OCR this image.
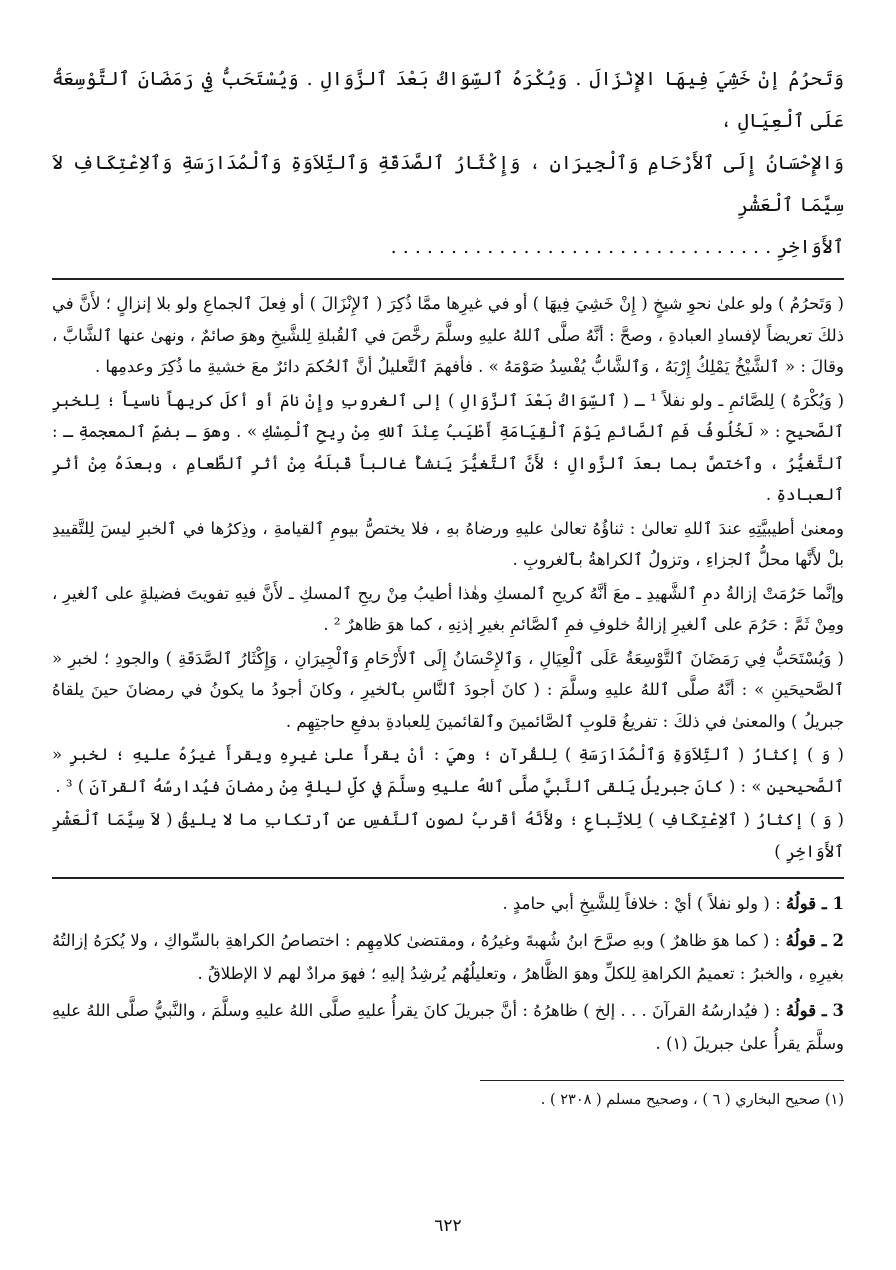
وَتَحرُمُ إنْ خَشِيَ فِيهَا الإِنْزَالَ . وَيُكْرَهُ ٱلسِّوَاكُ بَعْدَ ٱلزَّوَالِ . وَيُسْتَحَبُّ فِي رَمَضَانَ ٱلتَّوْسِعَةُ عَلَى ٱلْعِيَالِ ،

وَالإِحْسَانُ إِلَى ٱلأَرْحَامِ وَٱلْجِيرَانِ ، وَإِكْثَارُ ٱلصَّدَقَةِ وَٱلتِّلاَوَةِ وَٱلْمُدَارَسَةِ وَٱلاِعْتِكَافِ لاَ سِيَّمَا ٱلْعَشْرِ

ٱلأَوَاخِرِ . . . . . . . . . . . . . . . . . . . . . . . . . . . . . . . .

( وَتَحرُمُ ) ولو علىٰ نحوِ شيخٍ ( إِنْ خَشِيَ فِيهَا ) أو في غيرِها ممَّا ذُكِرَ ( ٱلإِنْزَالَ ) أو فِعلَ ٱلجماعِ ولو بلا إنزالٍ ؛ لأَنَّ في ذلكَ تعريضاً لإفسادِ العبادةِ ، وصحَّ : أنَّهُ صلَّى ٱللهُ عليهِ وسلَّمَ رخَّصَ في ٱلقُبلةِ لِلشَّيخِ وهوَ صائمٌ ، ونهىٰ عنها ٱلشَّابَّ ، وقالَ : « ٱلشَّيْخُ يَمْلِكُ إِرْبَهُ ، وَٱلشَّابُّ يُفْسِدُ صَوْمَهُ » . فأفهمَ ٱلتَّعليلُ أنَّ ٱلحُكمَ دائرٌ معَ خشيةِ ما ذُكِرَ وعدمِها .

( وَيُكْرَهُ ) لِلصَّائمِ ـ ولو نفلاً ¹ ـ ( ٱلسِّوَاكُ بَعْدَ ٱلزَّوَالِ ) إلى ٱلغروبِ وإِنْ نامَ أو أكلَ كريهاً ناسياً ؛ لِلخبرِ ٱلصَّحيحِ : « لَخُلُوفُ فَمِ ٱلصَّائمِ يَوْمَ ٱلْقِيَامَةِ أَطْيَبُ عِنْدَ ٱللهِ مِنْ رِيحِ ٱلْمِسْكِ » . وهوَ ـ بضمِّ ٱلمعجمةِ ـ : ٱلتَّغيُّرُ ، وٱختصَّ بما بعدَ ٱلزَّوالِ ؛ لأَنَّ ٱلتَّغيُّرَ يَنشأُ غالباً قَبلَهُ مِنْ أثرِ ٱلطَّعامِ ، وبعدَهُ مِنْ أثرِ ٱلعبادةِ .

ومعنىٰ أطيبيَّتِهِ عندَ ٱللهِ تعالىٰ : ثناؤُهُ تعالىٰ عليهِ ورضاهُ بهِ ، فلا يختصُّ بيومِ ٱلقيامةِ ، وذِكرُها في ٱلخبرِ ليسَ لِلتَّقييدِ بلْ لأَنَّها محلُّ ٱلجزاءِ ، وتزولُ ٱلكراهةُ بٱلغروبِ .

وإنَّما حَرُمَتْ إزالةُ دمِ ٱلشَّهيدِ ـ معَ أنَّهُ كريحِ ٱلمسكِ وهٰذا أطيبُ مِنْ ريحِ ٱلمسكِ ـ لأَنَّ فيهِ تفويتَ فضيلةٍ على ٱلغيرِ ، ومِنْ ثَمَّ : حَرُمَ على ٱلغيرِ إزالةُ خلوفِ فمِ ٱلصَّائمِ بغيرِ إذنِهِ ، كما هوَ ظاهرٌ ² .

( وَيُسْتَحَبُّ فِي رَمَضَانَ ٱلتَّوْسِعَةُ عَلَى ٱلْعِيَالِ ، وَٱلإِحْسَانُ إِلَى ٱلأَرْحَامِ وَٱلْجِيرَانِ ، وَإِكْثَارُ ٱلصَّدَقَةِ ) والجودِ ؛ لخبرِ « ٱلصَّحيحَينِ » : أنَّهُ صلَّى ٱللهُ عليهِ وسلَّمَ : ( كانَ أجودَ ٱلنَّاسِ بٱلخيرِ ، وكانَ أجودُ ما يكونُ في رمضانَ حينَ يلقاهُ جبريلُ ) والمعنىٰ في ذلكَ : تفريغُ قلوبِ ٱلصَّائمينَ وٱلقائمينَ لِلعبادةِ بدفعِ حاجتِهِم .

( وَ ) إكثارُ ( ٱلتِّلاَوَةِ وَٱلْمُدَارَسَةِ ) لِلقُرآنِ ؛ وهيَ : أنْ يقرأَ علىٰ غيرِهِ ويقرأَ غيرُهُ عليهِ ؛ لخبرِ « ٱلصَّحيحينِ » : ( كانَ جبريلُ يَلقى ٱلنَّبيَّ صلَّى ٱللهُ عليهِ وسلَّمَ في كلِّ ليلةٍ مِنْ رمضانَ فيُدارسُهُ ٱلقرآنَ ) ³ .

( وَ ) إكثارُ ( ٱلاِعْتِكَافِ ) لِلاتِّباعِ ؛ ولأَنَّهُ أقربُ لصونِ ٱلنَّفسِ عنِ ٱرتكابِ ما لا يليقُ ( لاَ سِيَّمَا ٱلْعَشْرِ ٱلأَوَاخِرِ )

1 ـ قولُهُ : ( ولو نفلاً ) أيْ : خلافاً لِلشَّيخِ أبي حامدٍ .

2 ـ قولُهُ : ( كما هوَ ظاهرٌ ) وبهِ صرَّحَ ابنُ شُهبةَ وغيرُهُ ، ومقتضىٰ كلامِهِم : اختصاصُ الكراهةِ بالسِّواكِ ، ولا يُكرَهُ إزالتُهُ بغيرِهِ ، والخبرُ : تعميمُ الكراهةِ لِلكلِّ وهوَ الظَّاهرُ ، وتعليلُهُم يُرشِدُ إليهِ ؛ فهوَ مرادٌ لهم لا الإطلاقُ .

3 ـ قولُهُ : ( فيُدارسُهُ القرآنَ . . . إلخ ) ظاهرُهُ : أنَّ جبريلَ كانَ يقرأُ عليهِ صلَّى اللهُ عليهِ وسلَّمَ ، والنَّبيُّ صلَّى اللهُ عليهِ وسلَّمَ يقرأُ علىٰ جبريلَ (١) .

(١) صحيح البخاري ( ٦ ) ، وصحيح مسلم ( ٢٣٠٨ ) .
٦٢٢
